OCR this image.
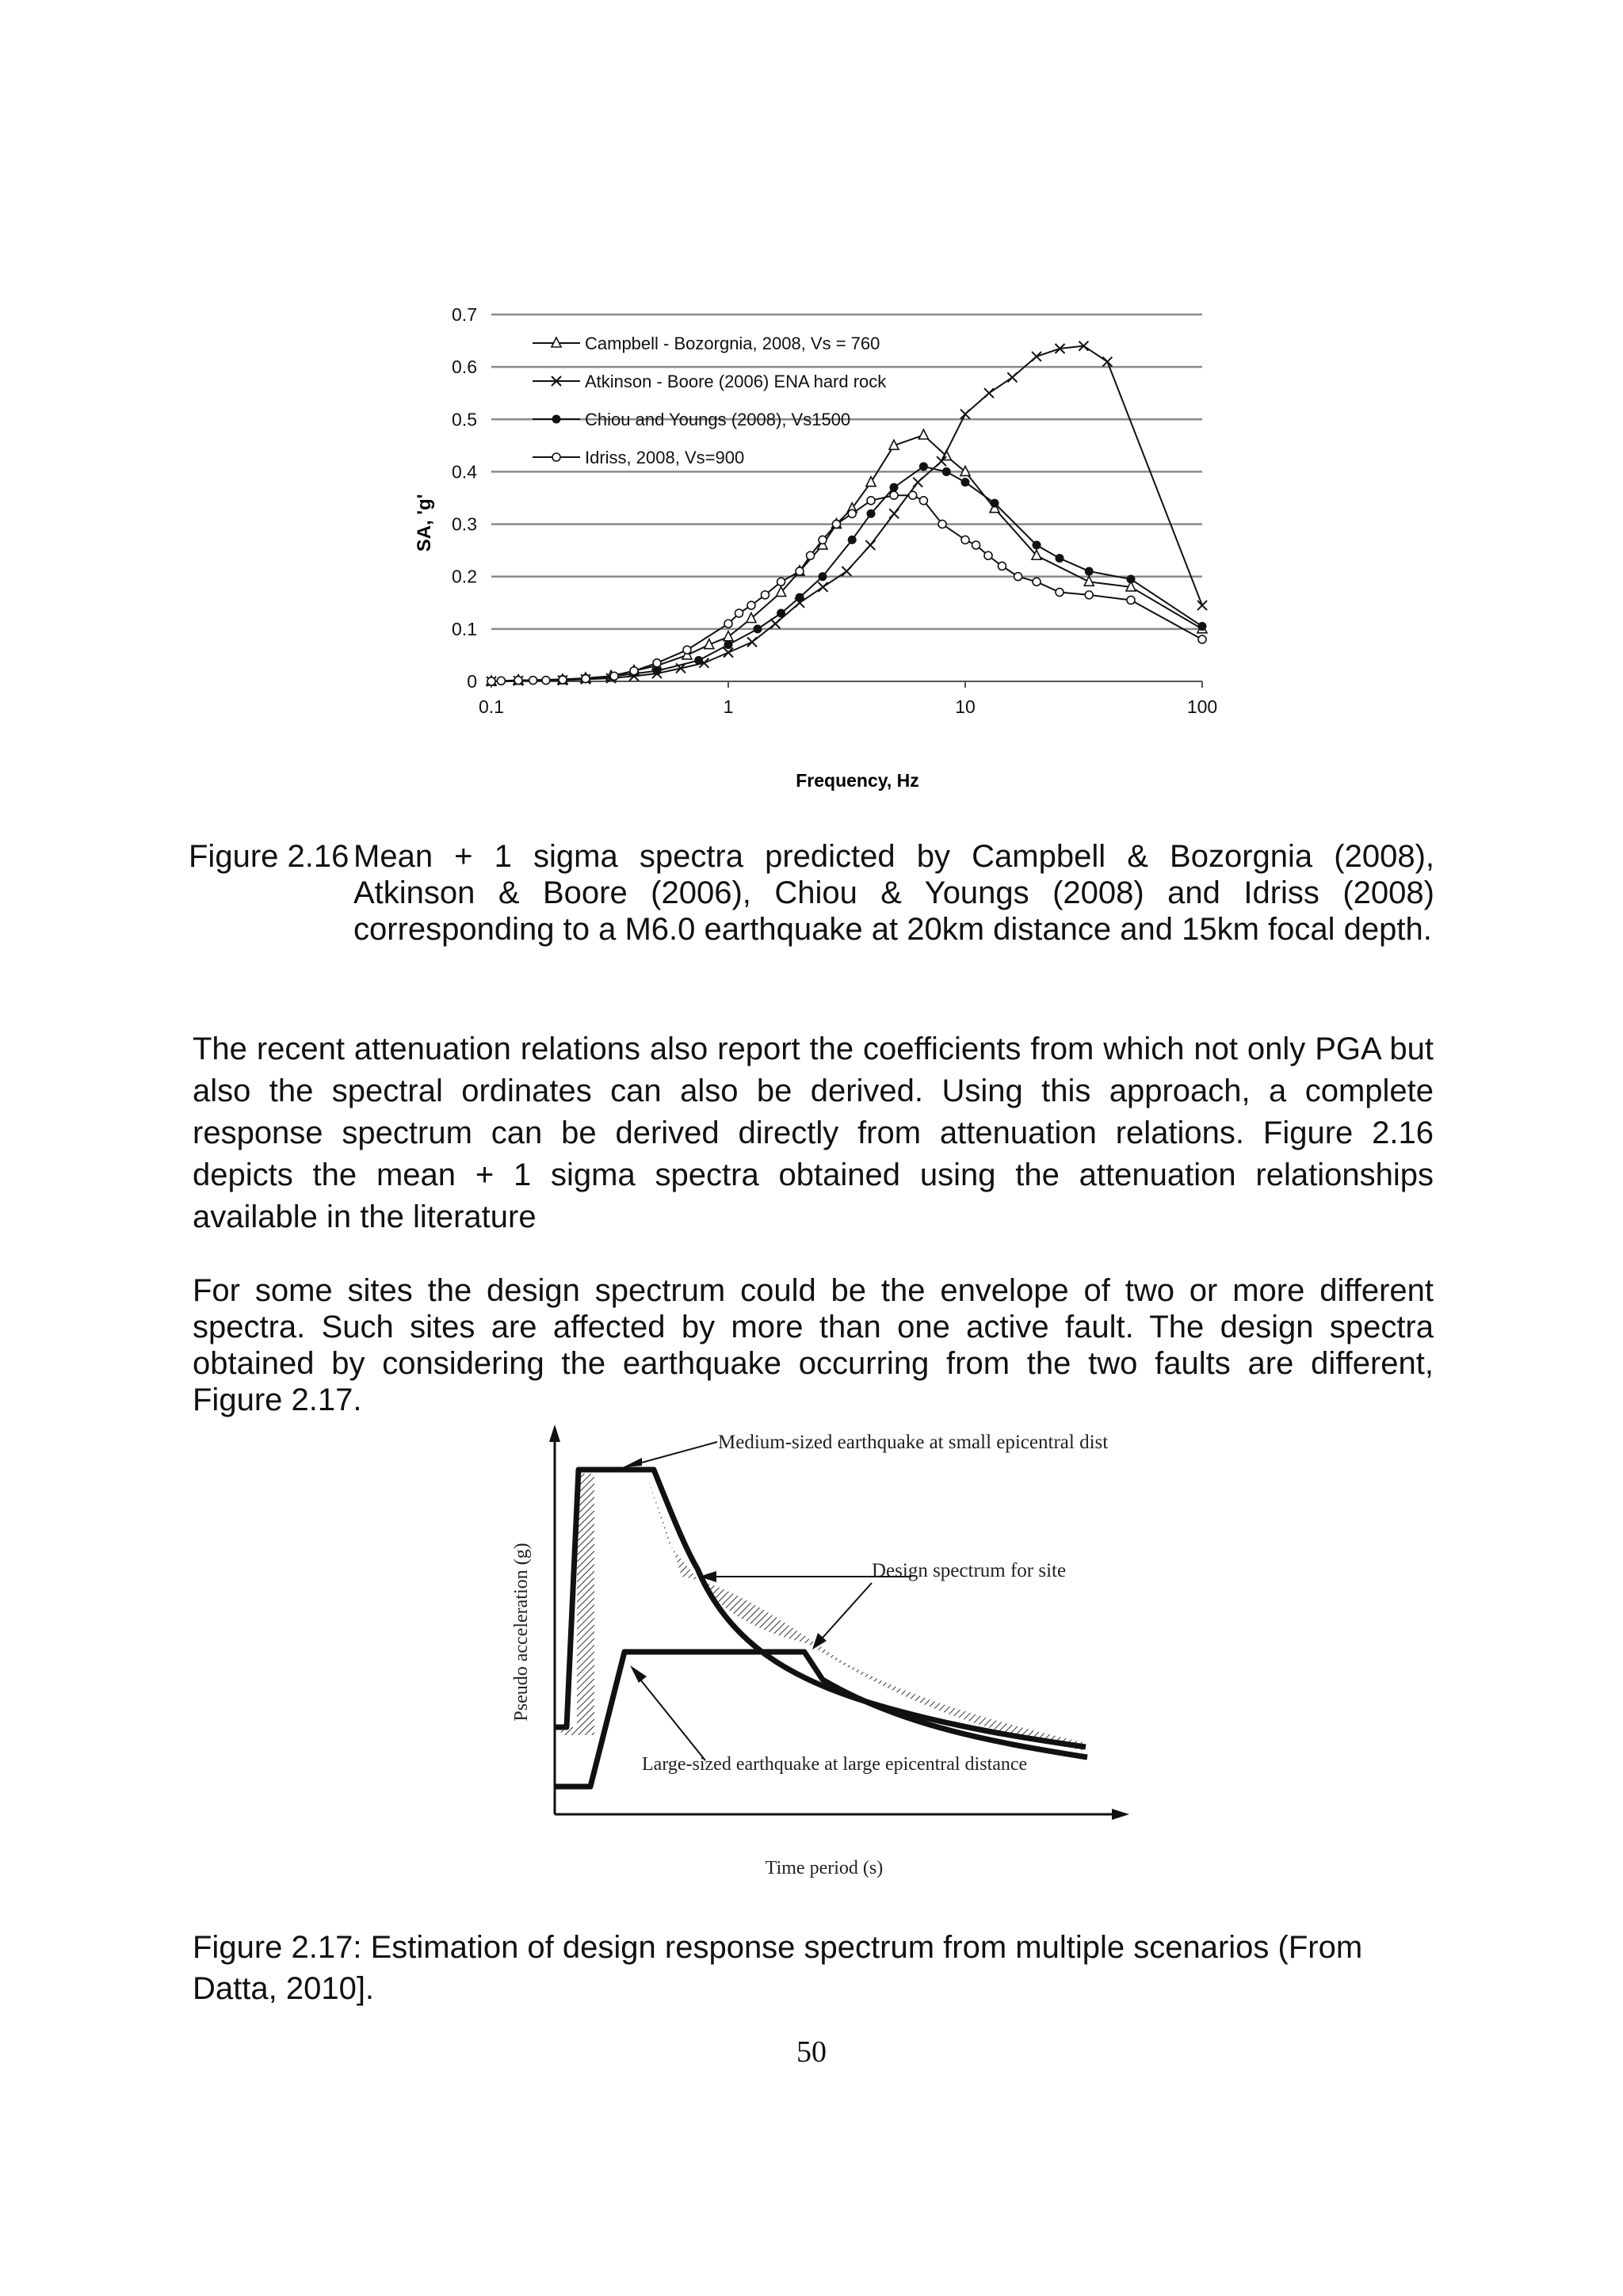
0
0.1
0.2
0.3
0.4
0.5
0.6
0.7
0.1	1	10	100
Campbell - Bozorgnia, 2008, Vs = 760
Atkinson - Boore (2006) ENA hard rock
Chiou and Youngs (2008), Vs1500
Idriss, 2008, Vs=900
SA, 'g'
Frequency, Hz
Figure 2.16 Mean + 1 sigma spectra predicted by Campbell & Bozorgnia (2008), Atkinson & Boore (2006), Chiou & Youngs (2008) and Idriss (2008) corresponding to a M6.0 earthquake at 20km distance and 15km focal depth.
The recent attenuation relations also report the coefficients from which not only PGA but also the spectral ordinates can also be derived. Using this approach, a complete response spectrum can be derived directly from attenuation relations. Figure 2.16 depicts the mean + 1 sigma spectra obtained using the attenuation relationships available in the literature
For some sites the design spectrum could be the envelope of two or more different spectra. Such sites are affected by more than one active fault. The design spectra obtained by considering the earthquake occurring from the two faults are different, Figure 2.17.
Medium-sized earthquake at small epicentral dist
Design spectrum for site
Large-sized earthquake at large epicentral distance
Time period (s)
Pseudo acceleration (g)
Figure 2.17: Estimation of design response spectrum from multiple scenarios (From Datta, 2010].
50
